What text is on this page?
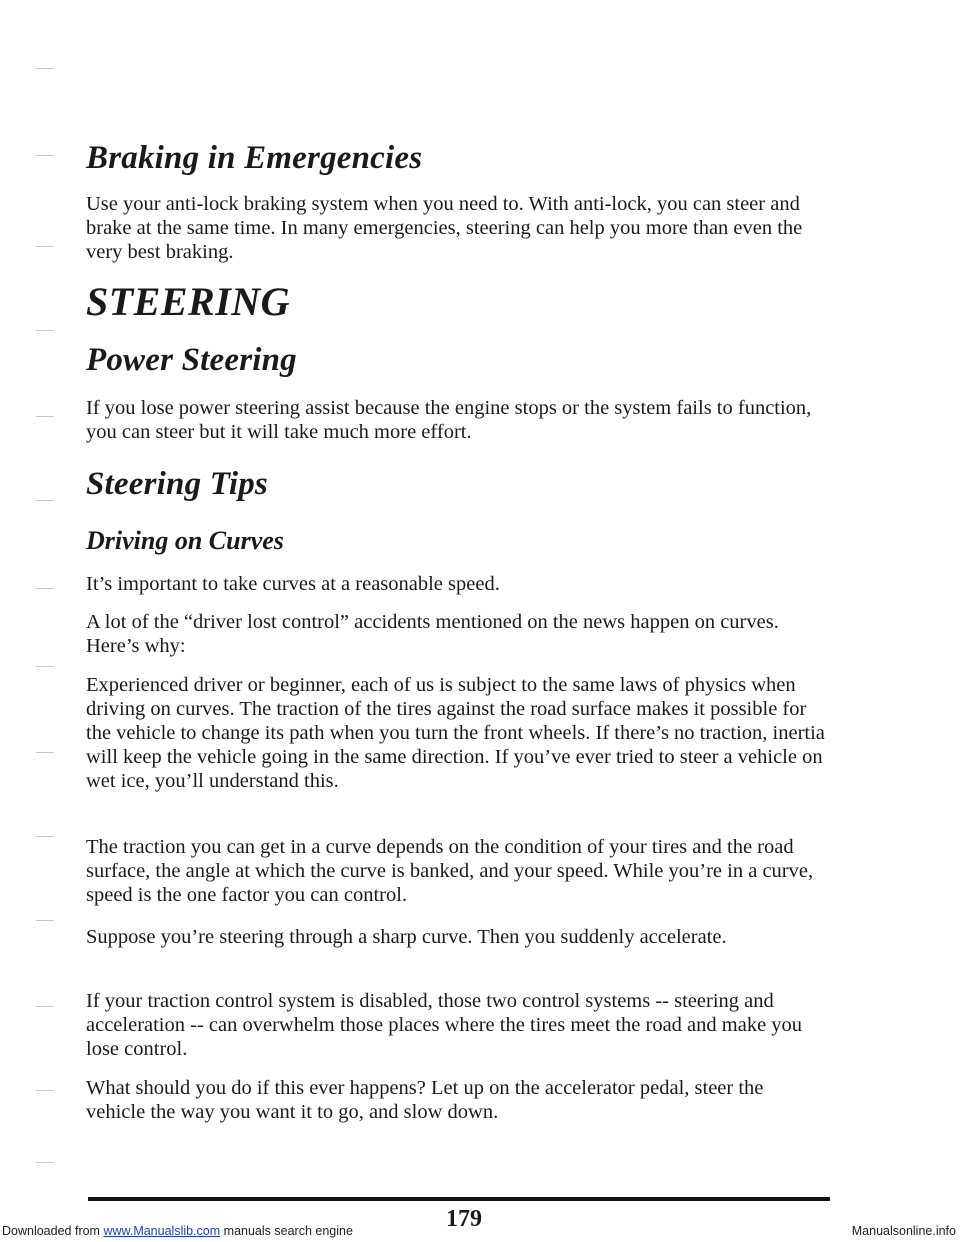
Braking in Emergencies

Use your anti-lock braking system when you need to. With anti-lock, you can steer and brake at the same time. In many emergencies, steering can help you more than even the very best braking.

STEERING
Power Steering

If you lose power steering assist because the engine stops or the system fails to function, you can steer but it will take much more effort.

Steering Tips
Driving on Curves

It’s important to take curves at a reasonable speed.

A lot of the “driver lost control” accidents mentioned on the news happen on curves. Here’s why:

Experienced driver or beginner, each of us is subject to the same laws of physics when driving on curves. The traction of the tires against the road surface makes it possible for the vehicle to change its path when you turn the front wheels. If there’s no traction, inertia will keep the vehicle going in the same direction. If you’ve ever tried to steer a vehicle on wet ice, you’ll understand this.

The traction you can get in a curve depends on the condition of your tires and the road surface, the angle at which the curve is banked, and your speed. While you’re in a curve, speed is the one factor you can control.

Suppose you’re steering through a sharp curve. Then you suddenly accelerate.

If your traction control system is disabled, those two control systems -- steering and acceleration -- can overwhelm those places where the tires meet the road and make you lose control.

What should you do if this ever happens? Let up on the accelerator pedal, steer the vehicle the way you want it to go, and slow down.

179
Downloaded from www.Manualslib.com manuals search engine	Manualsonline.info
